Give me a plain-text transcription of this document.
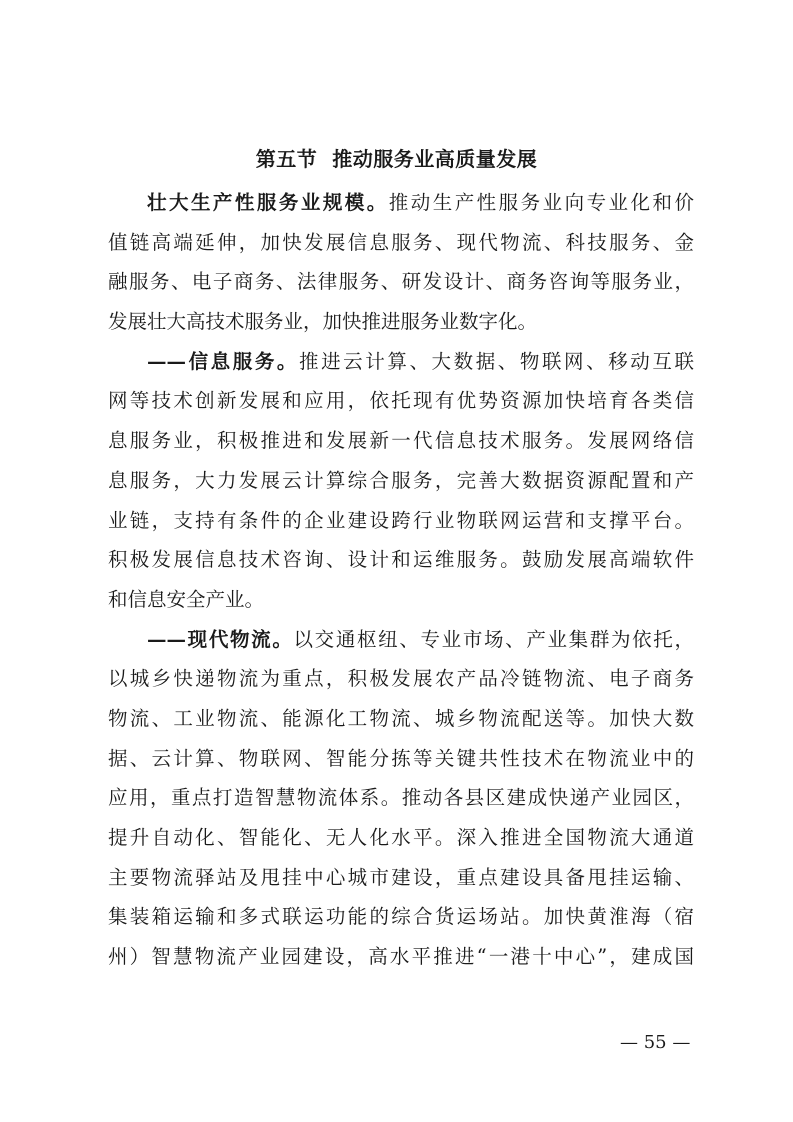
第五节  推动服务业高质量发展
壮大生产性服务业规模。推动生产性服务业向专业化和价
值链高端延伸，加快发展信息服务、现代物流、科技服务、金
融服务、电子商务、法律服务、研发设计、商务咨询等服务业，
发展壮大高技术服务业，加快推进服务业数字化。
——信息服务。推进云计算、大数据、物联网、移动互联
网等技术创新发展和应用，依托现有优势资源加快培育各类信
息服务业，积极推进和发展新一代信息技术服务。发展网络信
息服务，大力发展云计算综合服务，完善大数据资源配置和产
业链，支持有条件的企业建设跨行业物联网运营和支撑平台。
积极发展信息技术咨询、设计和运维服务。鼓励发展高端软件
和信息安全产业。
——现代物流。以交通枢纽、专业市场、产业集群为依托，
以城乡快递物流为重点，积极发展农产品冷链物流、电子商务
物流、工业物流、能源化工物流、城乡物流配送等。加快大数
据、云计算、物联网、智能分拣等关键共性技术在物流业中的
应用，重点打造智慧物流体系。推动各县区建成快递产业园区，
提升自动化、智能化、无人化水平。深入推进全国物流大通道
主要物流驿站及甩挂中心城市建设，重点建设具备甩挂运输、
集装箱运输和多式联运功能的综合货运场站。加快黄淮海（宿
州）智慧物流产业园建设，高水平推进“一港十中心”，建成国
— 55 —
